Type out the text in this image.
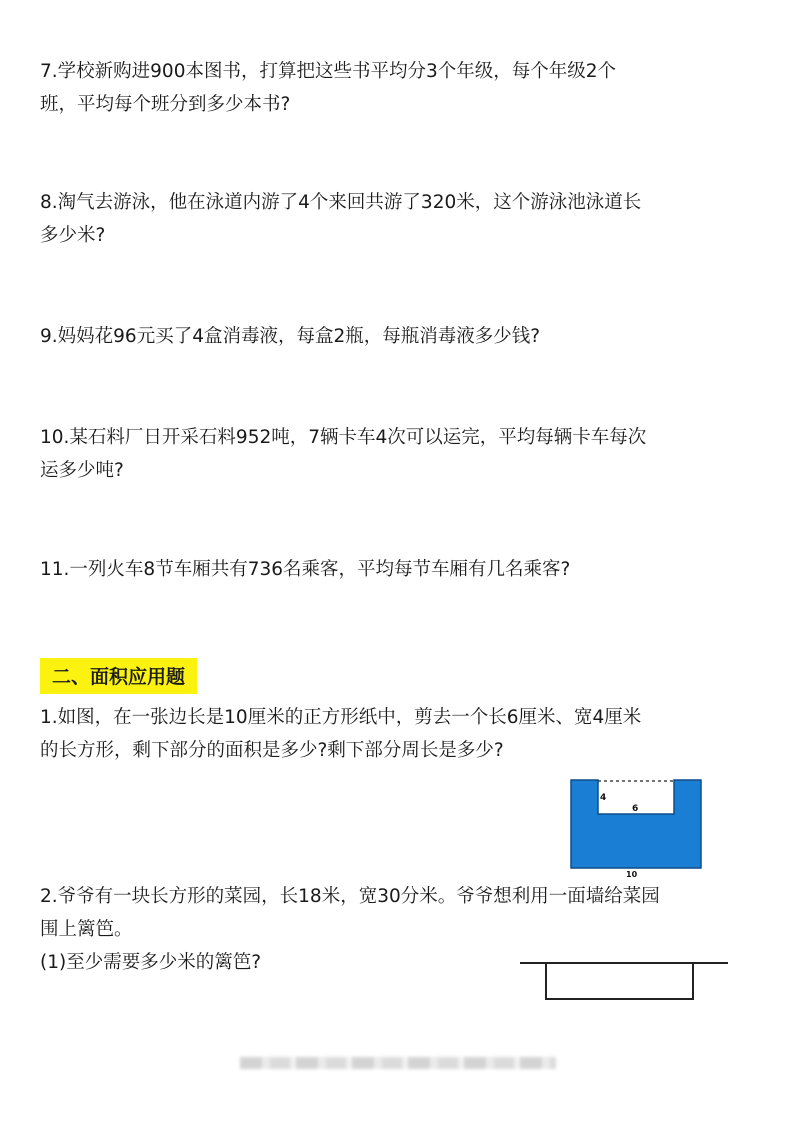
7.学校新购进900本图书，打算把这些书平均分3个年级，每个年级2个
班，平均每个班分到多少本书?
8.淘气去游泳，他在泳道内游了4个来回共游了320米，这个游泳池泳道长
多少米?
9.妈妈花96元买了4盒消毒液，每盒2瓶，每瓶消毒液多少钱?
10.某石料厂日开采石料952吨，7辆卡车4次可以运完，平均每辆卡车每次
运多少吨?
11.一列火车8节车厢共有736名乘客，平均每节车厢有几名乘客?
二、面积应用题
1.如图，在一张边长是10厘米的正方形纸中，剪去一个长6厘米、宽4厘米
的长方形，剩下部分的面积是多少?剩下部分周长是多少?
4
6
10
2.爷爷有一块长方形的菜园，长18米，宽30分米。爷爷想利用一面墙给菜园
围上篱笆。
(1)至少需要多少米的篱笆?
